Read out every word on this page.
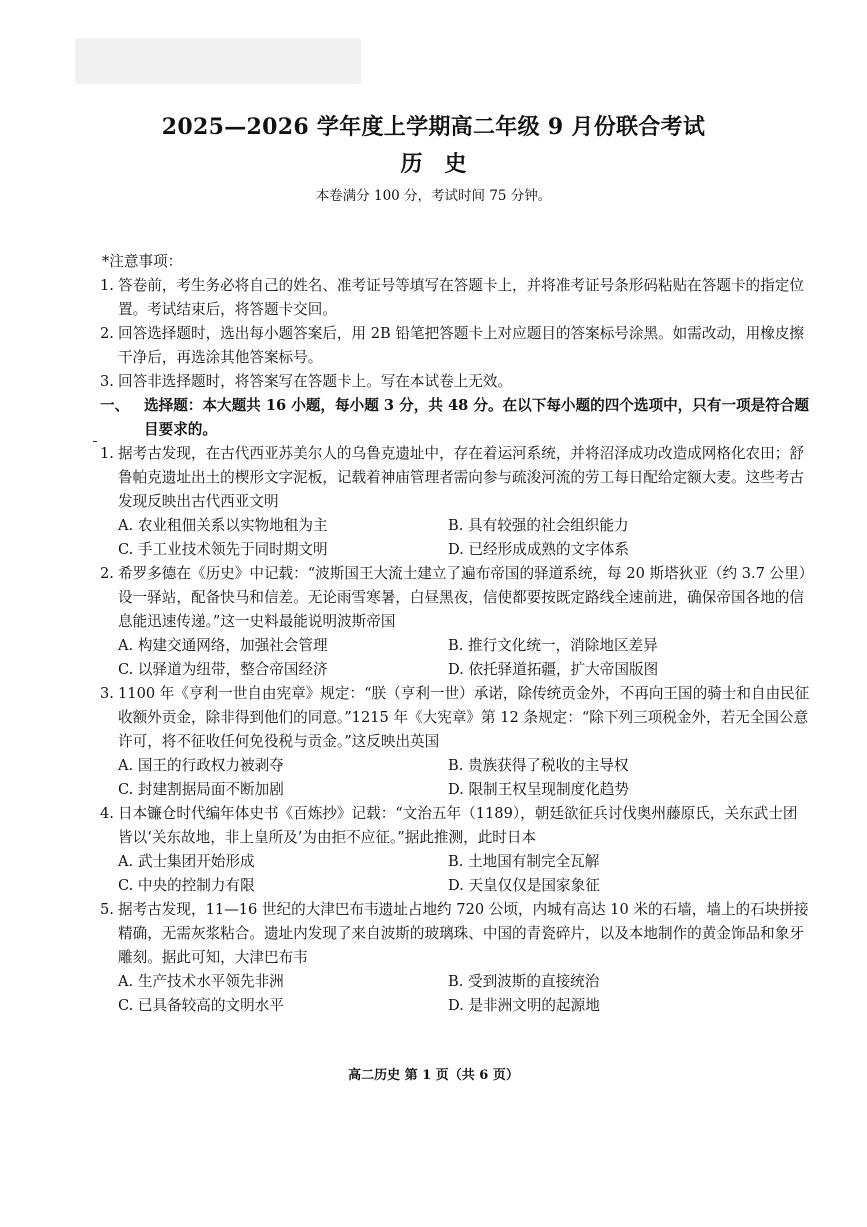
2025—2026 学年度上学期高二年级 9 月份联合考试
历史
本卷满分 100 分，考试时间 75 分钟。
*注意事项：
1. 答卷前，考生务必将自己的姓名、准考证号等填写在答题卡上，并将准考证号条形码粘贴在答题卡的指定位置。考试结束后，将答题卡交回。
2. 回答选择题时，选出每小题答案后，用 2B 铅笔把答题卡上对应题目的答案标号涂黑。如需改动，用橡皮擦干净后，再选涂其他答案标号。
3. 回答非选择题时，将答案写在答题卡上。写在本试卷上无效。
一、 选择题：本大题共 16 小题，每小题 3 分，共 48 分。在以下每小题的四个选项中，只有一项是符合题目要求的。
1. 据考古发现，在古代西亚苏美尔人的乌鲁克遗址中，存在着运河系统，并将沼泽成功改造成网格化农田；舒鲁帕克遗址出土的楔形文字泥板，记载着神庙管理者需向参与疏浚河流的劳工每日配给定额大麦。这些考古发现反映出古代西亚文明
A. 农业租佃关系以实物地租为主	B. 具有较强的社会组织能力
C. 手工业技术领先于同时期文明	D. 已经形成成熟的文字体系
2. 希罗多德在《历史》中记载：“波斯国王大流士建立了遍布帝国的驿道系统，每 20 斯塔狄亚（约 3.7 公里）设一驿站，配备快马和信差。无论雨雪寒暑，白昼黑夜，信使都要按既定路线全速前进，确保帝国各地的信息能迅速传递。”这一史料最能说明波斯帝国
A. 构建交通网络，加强社会管理	B. 推行文化统一，消除地区差异
C. 以驿道为纽带，整合帝国经济	D. 依托驿道拓疆，扩大帝国版图
3. 1100 年《亨利一世自由宪章》规定：“朕（亨利一世）承诺，除传统贡金外，不再向王国的骑士和自由民征收额外贡金，除非得到他们的同意。”1215 年《大宪章》第 12 条规定：“除下列三项税金外，若无全国公意许可，将不征收任何免役税与贡金。”这反映出英国
A. 国王的行政权力被剥夺	B. 贵族获得了税收的主导权
C. 封建割据局面不断加剧	D. 限制王权呈现制度化趋势
4. 日本镰仓时代编年体史书《百炼抄》记载：“文治五年（1189），朝廷欲征兵讨伐奥州藤原氏，关东武士团皆以‘关东故地，非上皇所及’为由拒不应征。”据此推测，此时日本
A. 武士集团开始形成	B. 土地国有制完全瓦解
C. 中央的控制力有限	D. 天皇仅仅是国家象征
5. 据考古发现，11—16 世纪的大津巴布韦遗址占地约 720 公顷，内城有高达 10 米的石墙，墙上的石块拼接精确，无需灰浆粘合。遗址内发现了来自波斯的玻璃珠、中国的青瓷碎片，以及本地制作的黄金饰品和象牙雕刻。据此可知，大津巴布韦
A. 生产技术水平领先非洲	B. 受到波斯的直接统治
C. 已具备较高的文明水平	D. 是非洲文明的起源地
高二历史 第 1 页（共 6 页）
